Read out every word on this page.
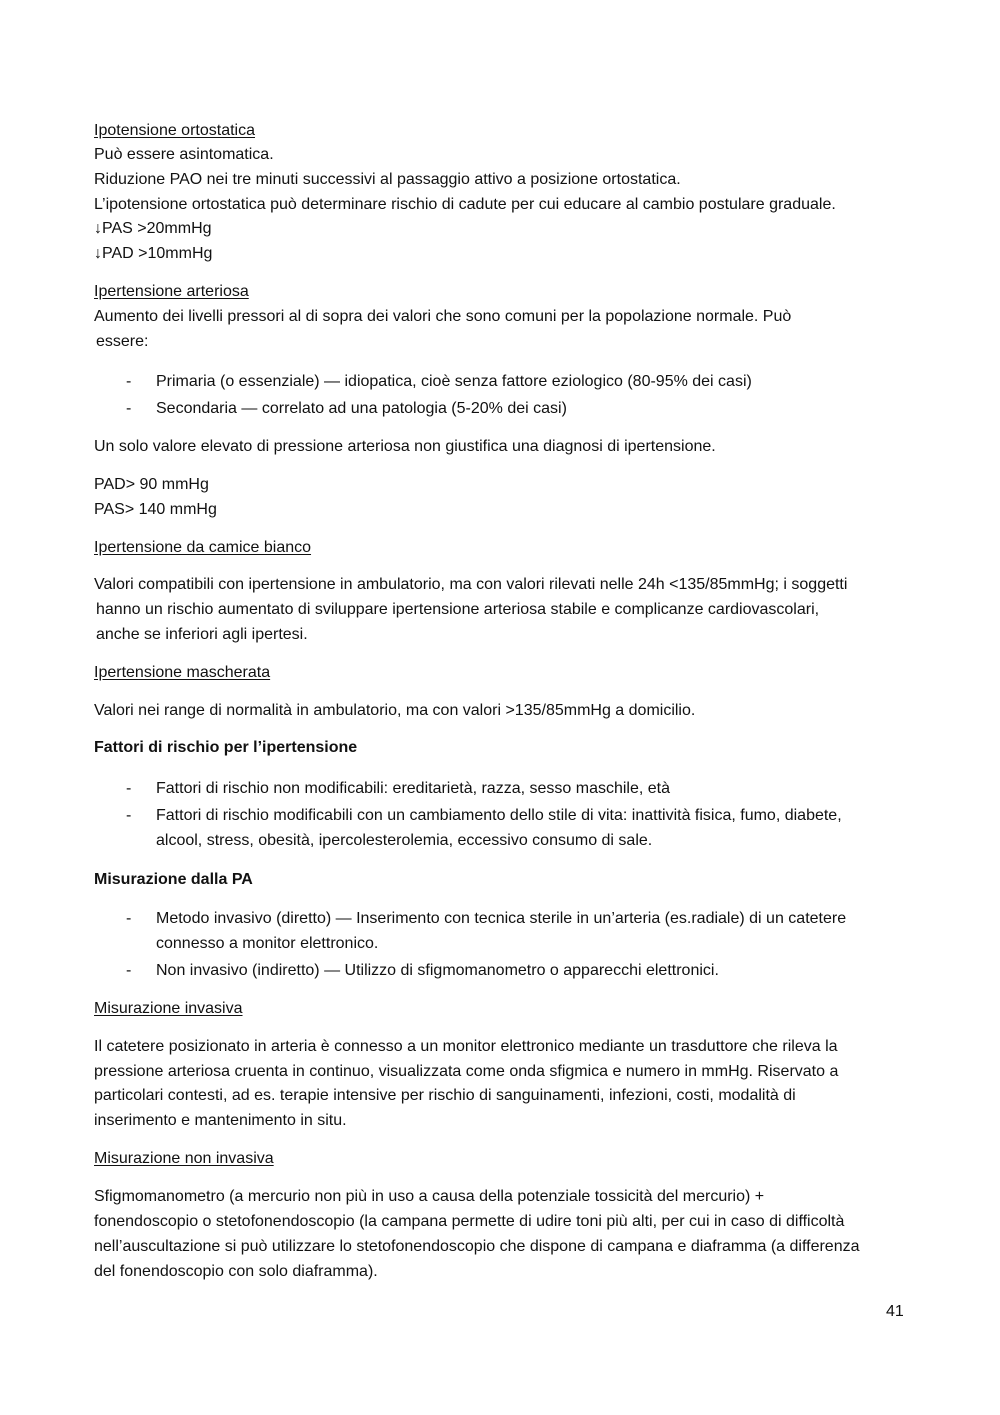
Ipotensione ortostatica
Può essere asintomatica.
Riduzione PAO nei tre minuti successivi al passaggio attivo a posizione ortostatica.
L’ipotensione ortostatica può determinare rischio di cadute per cui educare al cambio postulare graduale.
↓PAS >20mmHg
↓PAD >10mmHg
Ipertensione arteriosa
Aumento dei livelli pressori al di sopra dei valori che sono comuni per la popolazione normale. Può
essere:
- Primaria (o essenziale) — idiopatica, cioè senza fattore eziologico (80-95% dei casi)
- Secondaria — correlato ad una patologia (5-20% dei casi)
Un solo valore elevato di pressione arteriosa non giustifica una diagnosi di ipertensione.
PAD> 90 mmHg
PAS> 140 mmHg
Ipertensione da camice bianco
Valori compatibili con ipertensione in ambulatorio, ma con valori rilevati nelle 24h <135/85mmHg; i soggetti
hanno un rischio aumentato di sviluppare ipertensione arteriosa stabile e complicanze cardiovascolari,
anche se inferiori agli ipertesi.
Ipertensione mascherata
Valori nei range di normalità in ambulatorio, ma con valori >135/85mmHg a domicilio.
Fattori di rischio per l’ipertensione
- Fattori di rischio non modificabili: ereditarietà, razza, sesso maschile, età
- Fattori di rischio modificabili con un cambiamento dello stile di vita: inattività fisica, fumo, diabete,
alcool, stress, obesità, ipercolesterolemia, eccessivo consumo di sale.
Misurazione dalla PA
- Metodo invasivo (diretto) — Inserimento con tecnica sterile in un’arteria (es.radiale) di un catetere
connesso a monitor elettronico.
- Non invasivo (indiretto) — Utilizzo di sfigmomanometro o apparecchi elettronici.
Misurazione invasiva
Il catetere posizionato in arteria è connesso a un monitor elettronico mediante un trasduttore che rileva la
pressione arteriosa cruenta in continuo, visualizzata come onda sfigmica e numero in mmHg. Riservato a
particolari contesti, ad es. terapie intensive per rischio di sanguinamenti, infezioni, costi, modalità di
inserimento e mantenimento in situ.
Misurazione non invasiva
Sfigmomanometro (a mercurio non più in uso a causa della potenziale tossicità del mercurio) +
fonendoscopio o stetofonendoscopio (la campana permette di udire toni più alti, per cui in caso di difficoltà
nell’auscultazione si può utilizzare lo stetofonendoscopio che dispone di campana e diaframma (a differenza
del fonendoscopio con solo diaframma).
41
